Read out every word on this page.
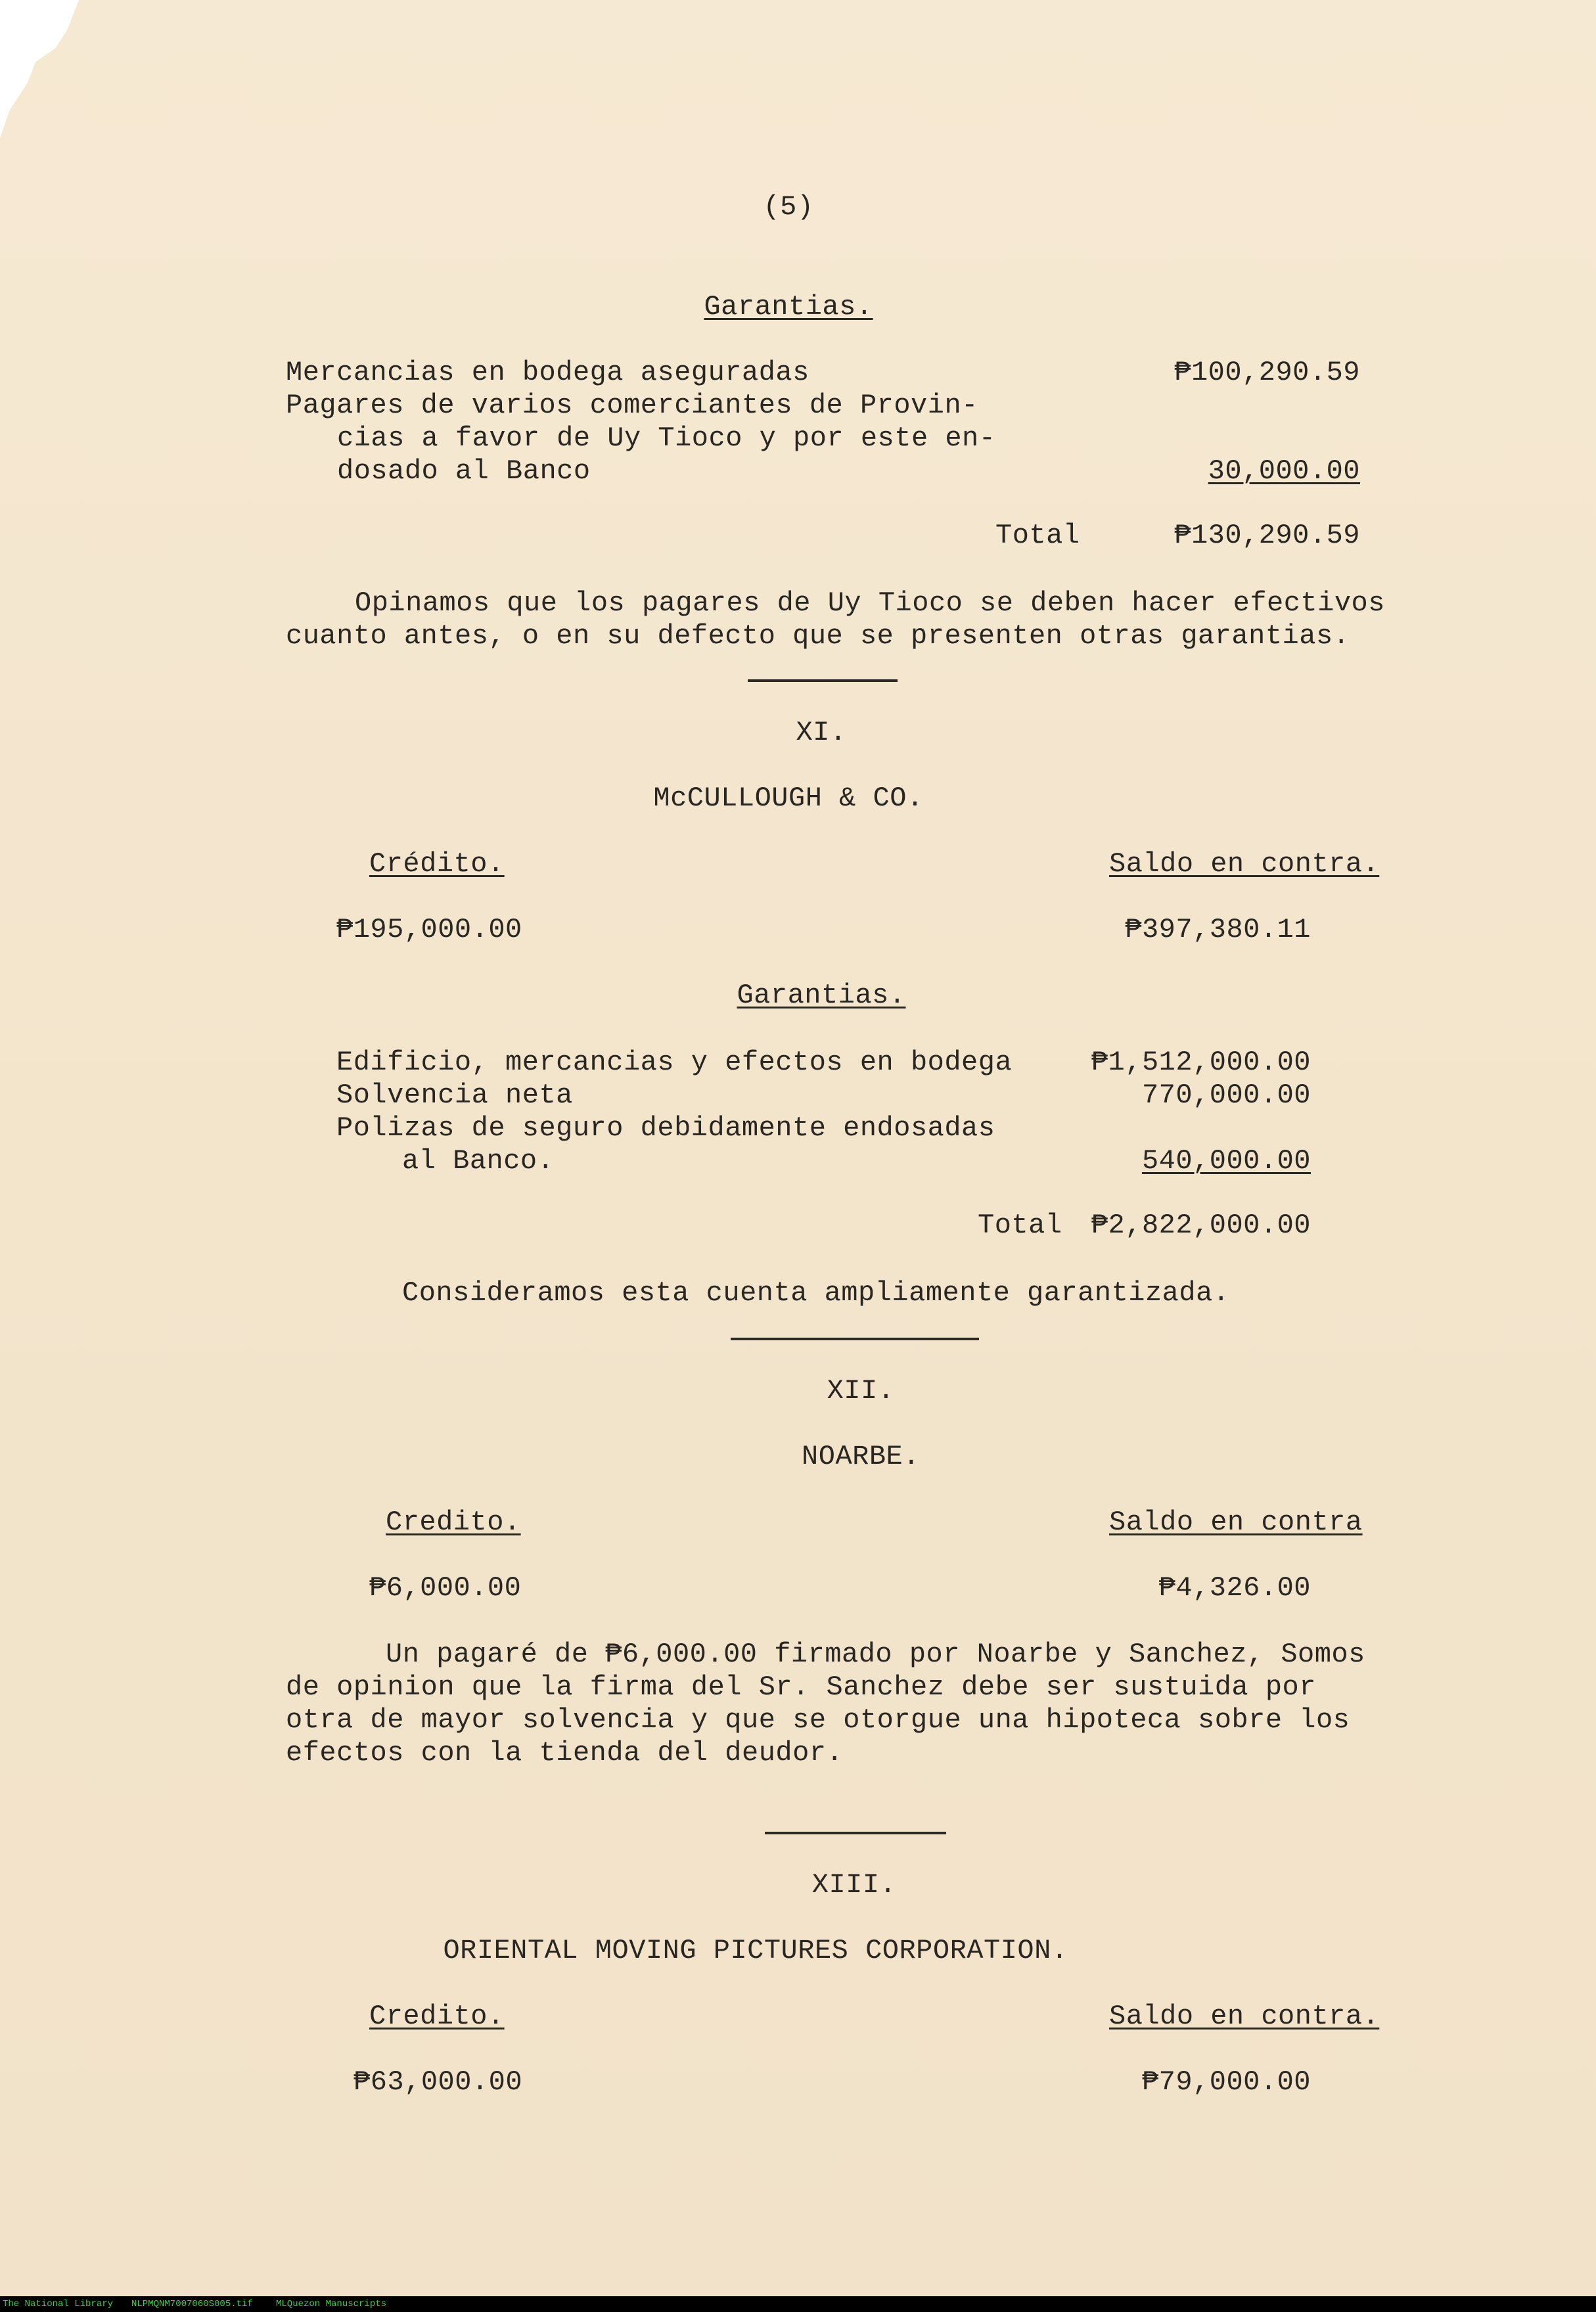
(5)
Garantias.
Mercancias en bodega aseguradas	₱100,290.59
Pagares de varios comerciantes de Provin-
cias a favor de Uy Tioco y por este en-
dosado al Banco	30,000.00
Total	₱130,290.59
Opinamos que los pagares de Uy Tioco se deben hacer efectivos
cuanto antes, o en su defecto que se presenten otras garantias.
XI.
McCULLOUGH & CO.
Crédito.	Saldo en contra.
₱195,000.00	₱397,380.11
Garantias.
Edificio, mercancias y efectos en bodega	₱1,512,000.00
Solvencia neta	770,000.00
Polizas de seguro debidamente endosadas
al Banco.	540,000.00
Total	₱2,822,000.00
Consideramos esta cuenta ampliamente garantizada.
XII.
NOARBE.
Credito.	Saldo en contra
₱6,000.00	₱4,326.00
Un pagaré de ₱6,000.00 firmado por Noarbe y Sanchez, Somos
de opinion que la firma del Sr. Sanchez debe ser sustuida por
otra de mayor solvencia y que se otorgue una hipoteca sobre los
efectos con la tienda del deudor.
XIII.
ORIENTAL MOVING PICTURES CORPORATION.
Credito.	Saldo en contra.
₱63,000.00	₱79,000.00
The National Library NLPMQNM7007060S005.tif	MLQuezon Manuscripts
